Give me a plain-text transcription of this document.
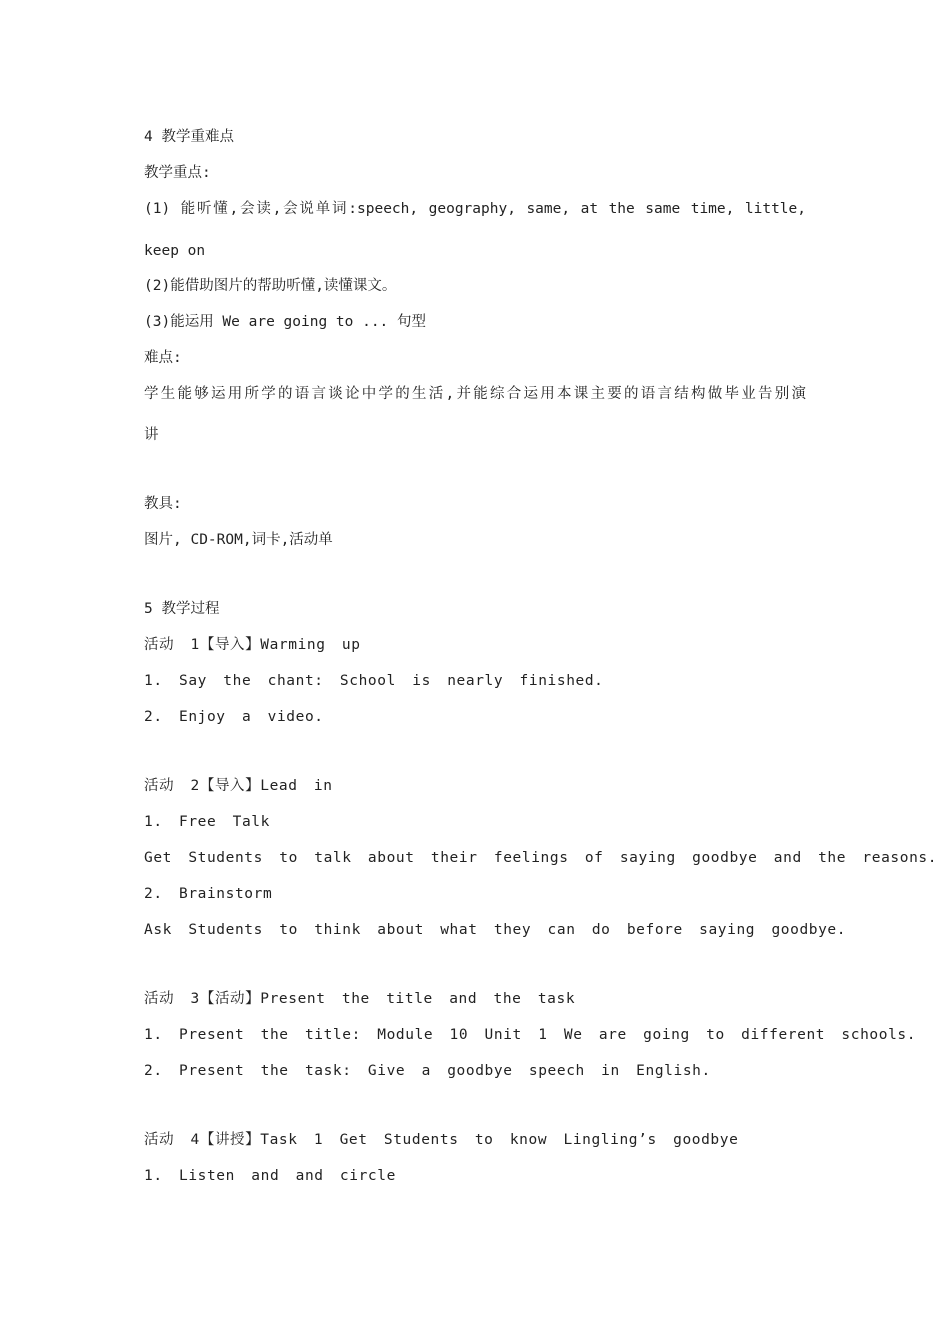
4 教学重难点
教学重点:
(1) 能听懂,会读,会说单词:speech, geography, same, at the same time, little,
keep on
(2)能借助图片的帮助听懂,读懂课文。
(3)能运用 We are going to ... 句型
难点:
学生能够运用所学的语言谈论中学的生活,并能综合运用本课主要的语言结构做毕业告别演
讲
教具:
图片, CD-ROM,词卡,活动单
5 教学过程
活动 1【导入】Warming up
1. Say the chant: School is nearly finished.
2. Enjoy a video.
活动 2【导入】Lead in
1. Free Talk
Get Students to talk about their feelings of saying goodbye and the reasons.
2. Brainstorm
Ask Students to think about what they can do before saying goodbye.
活动 3【活动】Present the title and the task
1. Present the title: Module 10 Unit 1 We are going to different schools.
2. Present the task: Give a goodbye speech in English.
活动 4【讲授】Task 1 Get Students to know Lingling’s goodbye
1. Listen and and circle
